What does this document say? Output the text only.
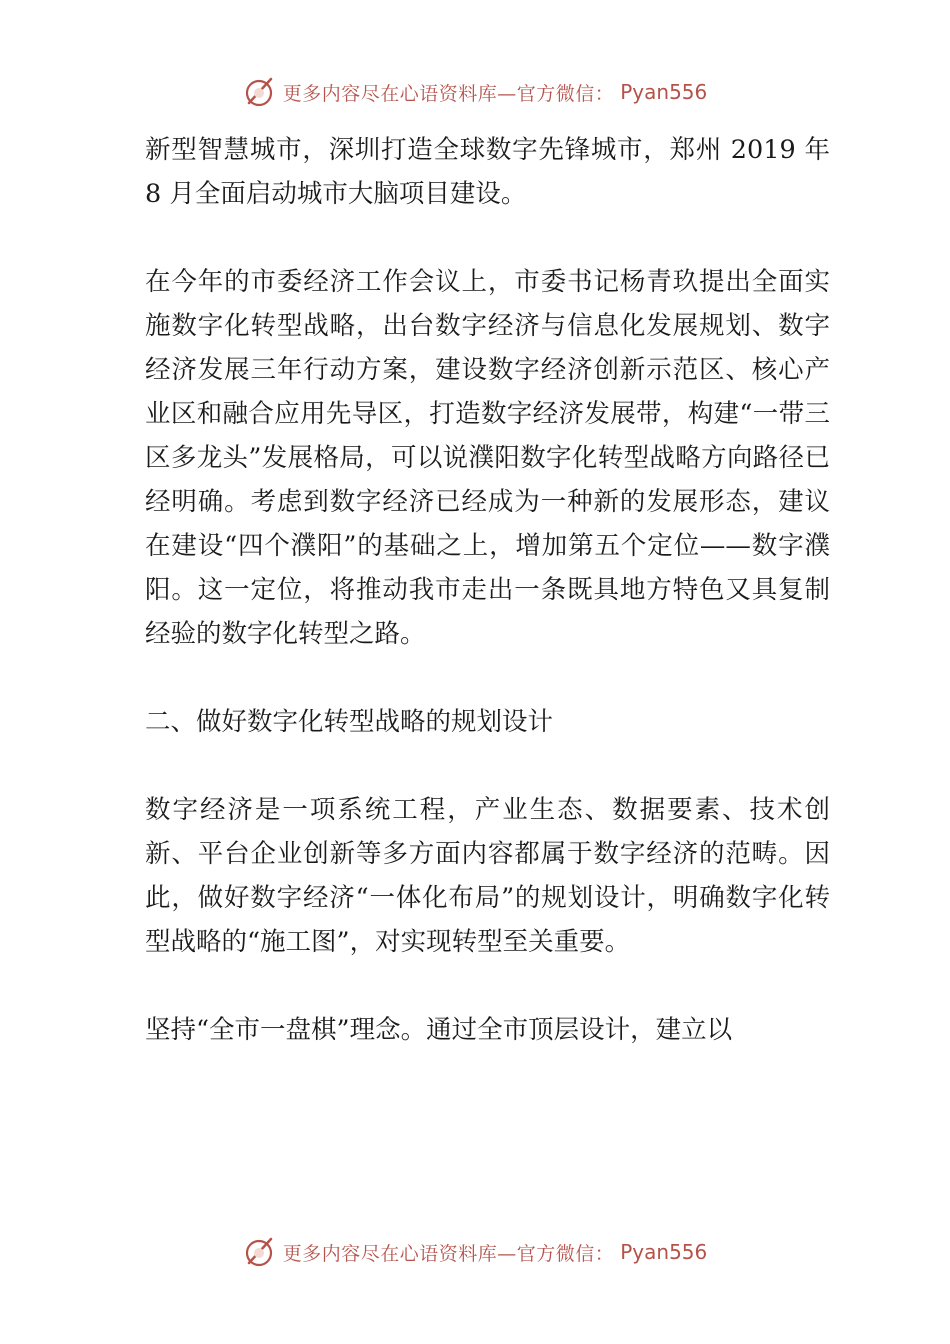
更多内容尽在心语资料库—官方微信： Pyan556

新型智慧城市，深圳打造全球数字先锋城市，郑州 2019 年 8 月全面启动城市大脑项目建设。

在今年的市委经济工作会议上，市委书记杨青玖提出全面实施数字化转型战略，出台数字经济与信息化发展规划、数字经济发展三年行动方案，建设数字经济创新示范区、核心产业区和融合应用先导区，打造数字经济发展带，构建“一带三区多龙头”发展格局，可以说濮阳数字化转型战略方向路径已经明确。考虑到数字经济已经成为一种新的发展形态，建议在建设“四个濮阳”的基础之上，增加第五个定位——数字濮阳。这一定位，将推动我市走出一条既具地方特色又具复制经验的数字化转型之路。

二、做好数字化转型战略的规划设计

数字经济是一项系统工程，产业生态、数据要素、技术创新、平台企业创新等多方面内容都属于数字经济的范畴。因此，做好数字经济“一体化布局”的规划设计，明确数字化转型战略的“施工图”，对实现转型至关重要。

坚持“全市一盘棋”理念。通过全市顶层设计，建立以

更多内容尽在心语资料库—官方微信： Pyan556
